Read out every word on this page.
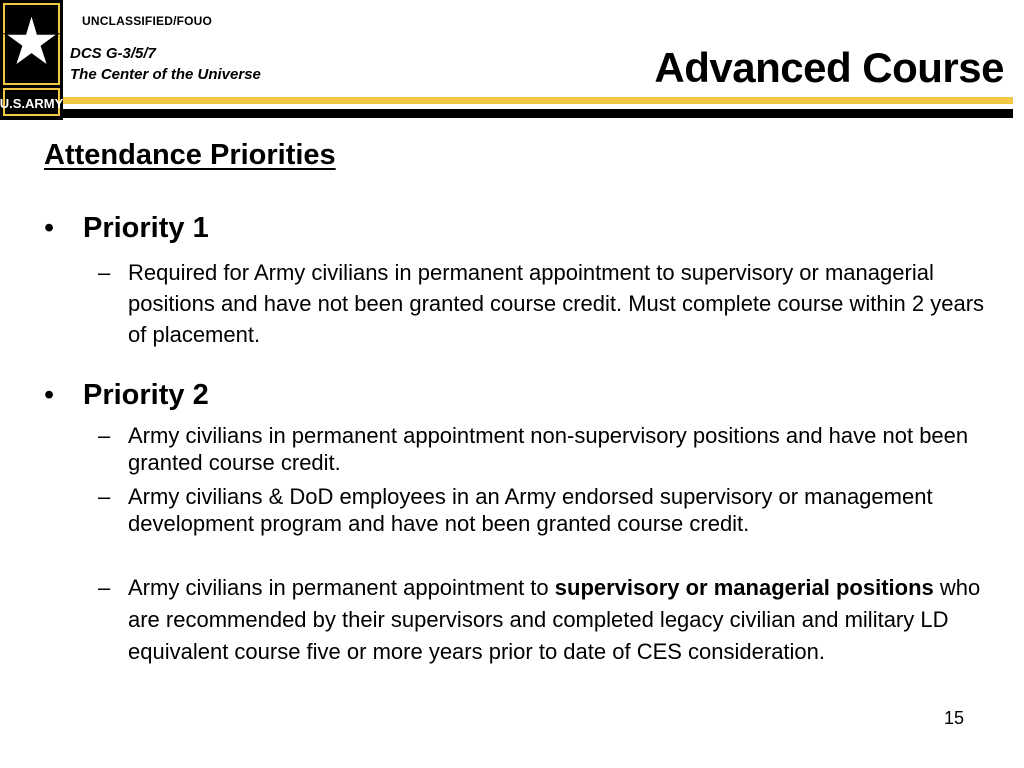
U.S.ARMY
UNCLASSIFIED/FOUO
DCS G-3/5/7
The Center of the Universe	Advanced Course
Attendance Priorities
• Priority 1
– Required for Army civilians in permanent appointment to supervisory or managerial positions and have not been granted course credit. Must complete course within 2 years of placement.
• Priority 2
– Army civilians in permanent appointment non-supervisory positions and have not been granted course credit.
– Army civilians & DoD employees in an Army endorsed supervisory or management development program and have not been granted course credit.
– Army civilians in permanent appointment to supervisory or managerial positions who are recommended by their supervisors and completed legacy civilian and military LD equivalent course five or more years prior to date of CES consideration.
15
